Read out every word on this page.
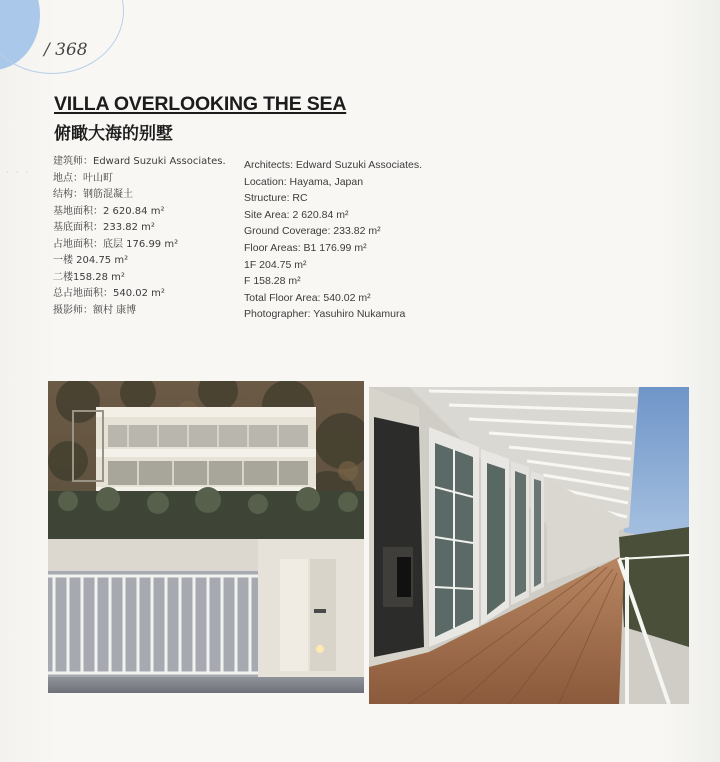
/ 368
· · ·
VILLA OVERLOOKING THE SEA
俯瞰大海的别墅
建筑师：Edward Suzuki Associates.
地点：叶山町
结构：钢筋混凝土
基地面积：2 620.84 m²
基底面积：233.82 m²
占地面积：底层 176.99 m²
一楼 204.75 m²
二楼158.28 m²
总占地面积：540.02 m²
摄影师：额村 康博
Architects: Edward Suzuki Associates.
Location: Hayama, Japan
Structure: RC
Site Area: 2 620.84 m²
Ground Coverage: 233.82 m²
Floor Areas: B1 176.99 m²
1F 204.75 m²
F 158.28 m²
Total Floor Area: 540.02 m²
Photographer: Yasuhiro Nukamura
